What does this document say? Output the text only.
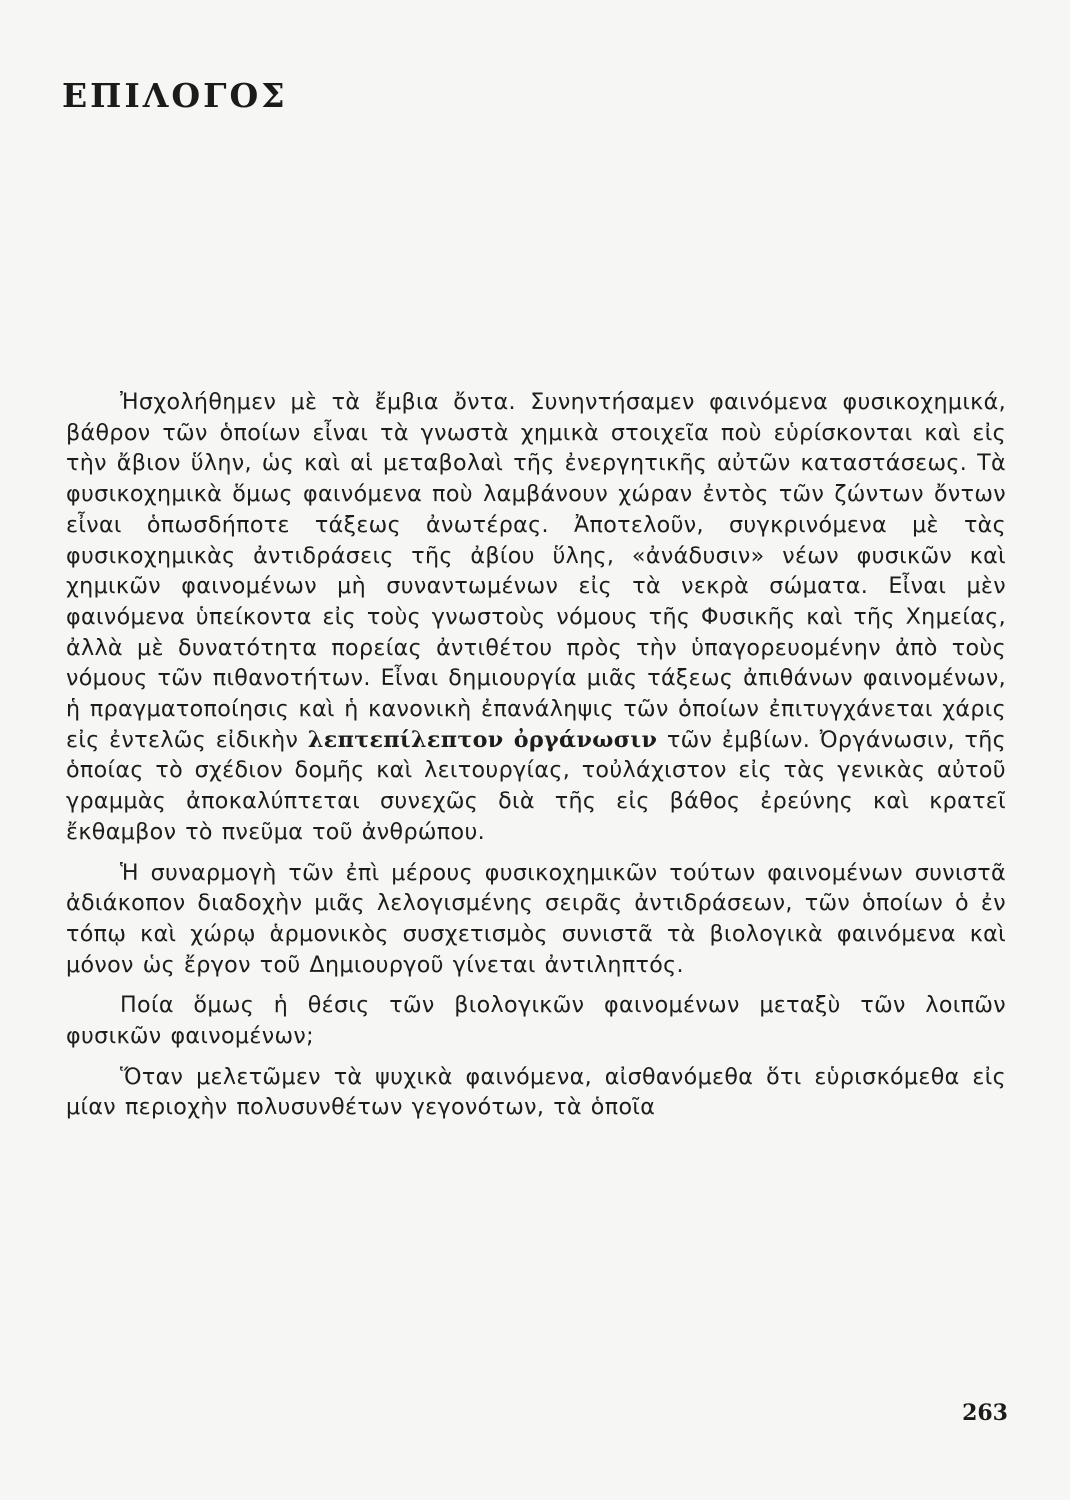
ΕΠΙΛΟΓΟΣ

Ἠσχολήθημεν μὲ τὰ ἔμβια ὄντα. Συνηντήσαμεν φαινόμενα φυσικοχημικά, βάθρον τῶν ὁποίων εἶναι τὰ γνωστὰ χημικὰ στοιχεῖα ποὺ εὑρίσκονται καὶ εἰς τὴν ἄβιον ὕλην, ὡς καὶ αἱ μεταβολαὶ τῆς ἐνεργητικῆς αὐτῶν καταστάσεως. Τὰ φυσικοχημικὰ ὅμως φαινόμενα ποὺ λαμβάνουν χώραν ἐντὸς τῶν ζώντων ὄντων εἶναι ὁπωσδήποτε τάξεως ἀνωτέρας. Ἀποτελοῦν, συγκρινόμενα μὲ τὰς φυσικοχημικὰς ἀντιδράσεις τῆς ἀβίου ὕλης, «ἀνάδυσιν» νέων φυσικῶν καὶ χημικῶν φαινομένων μὴ συναντωμένων εἰς τὰ νεκρὰ σώματα. Εἶναι μὲν φαινόμενα ὑπείκοντα εἰς τοὺς γνωστοὺς νόμους τῆς Φυσικῆς καὶ τῆς Χημείας, ἀλλὰ μὲ δυνατότητα πορείας ἀντιθέτου πρὸς τὴν ὑπαγορευομένην ἀπὸ τοὺς νόμους τῶν πιθανοτήτων. Εἶναι δημιουργία μιᾶς τάξεως ἀπιθάνων φαινομένων, ἡ πραγματοποίησις καὶ ἡ κανονικὴ ἐπανάληψις τῶν ὁποίων ἐπιτυγχάνεται χάρις εἰς ἐντελῶς εἰδικὴν λεπτεπίλεπτον ὀργάνωσιν τῶν ἐμβίων. Ὀργάνωσιν, τῆς ὁποίας τὸ σχέδιον δομῆς καὶ λειτουργίας, τοὐλάχιστον εἰς τὰς γενικὰς αὐτοῦ γραμμὰς ἀποκαλύπτεται συνεχῶς διὰ τῆς εἰς βάθος ἐρεύνης καὶ κρατεῖ ἔκθαμβον τὸ πνεῦμα τοῦ ἀνθρώπου.

Ἡ συναρμογὴ τῶν ἐπὶ μέρους φυσικοχημικῶν τούτων φαινομένων συνιστᾶ ἀδιάκοπον διαδοχὴν μιᾶς λελογισμένης σειρᾶς ἀντιδράσεων, τῶν ὁποίων ὁ ἐν τόπῳ καὶ χώρῳ ἁρμονικὸς συσχετισμὸς συνιστᾶ τὰ βιολογικὰ φαινόμενα καὶ μόνον ὡς ἔργον τοῦ Δημιουργοῦ γίνεται ἀντιληπτός.

Ποία ὅμως ἡ θέσις τῶν βιολογικῶν φαινομένων μεταξὺ τῶν λοιπῶν φυσικῶν φαινομένων;

Ὅταν μελετῶμεν τὰ ψυχικὰ φαινόμενα, αἰσθανόμεθα ὅτι εὑρισκόμεθα εἰς μίαν περιοχὴν πολυσυνθέτων γεγονότων, τὰ ὁποῖα

263
